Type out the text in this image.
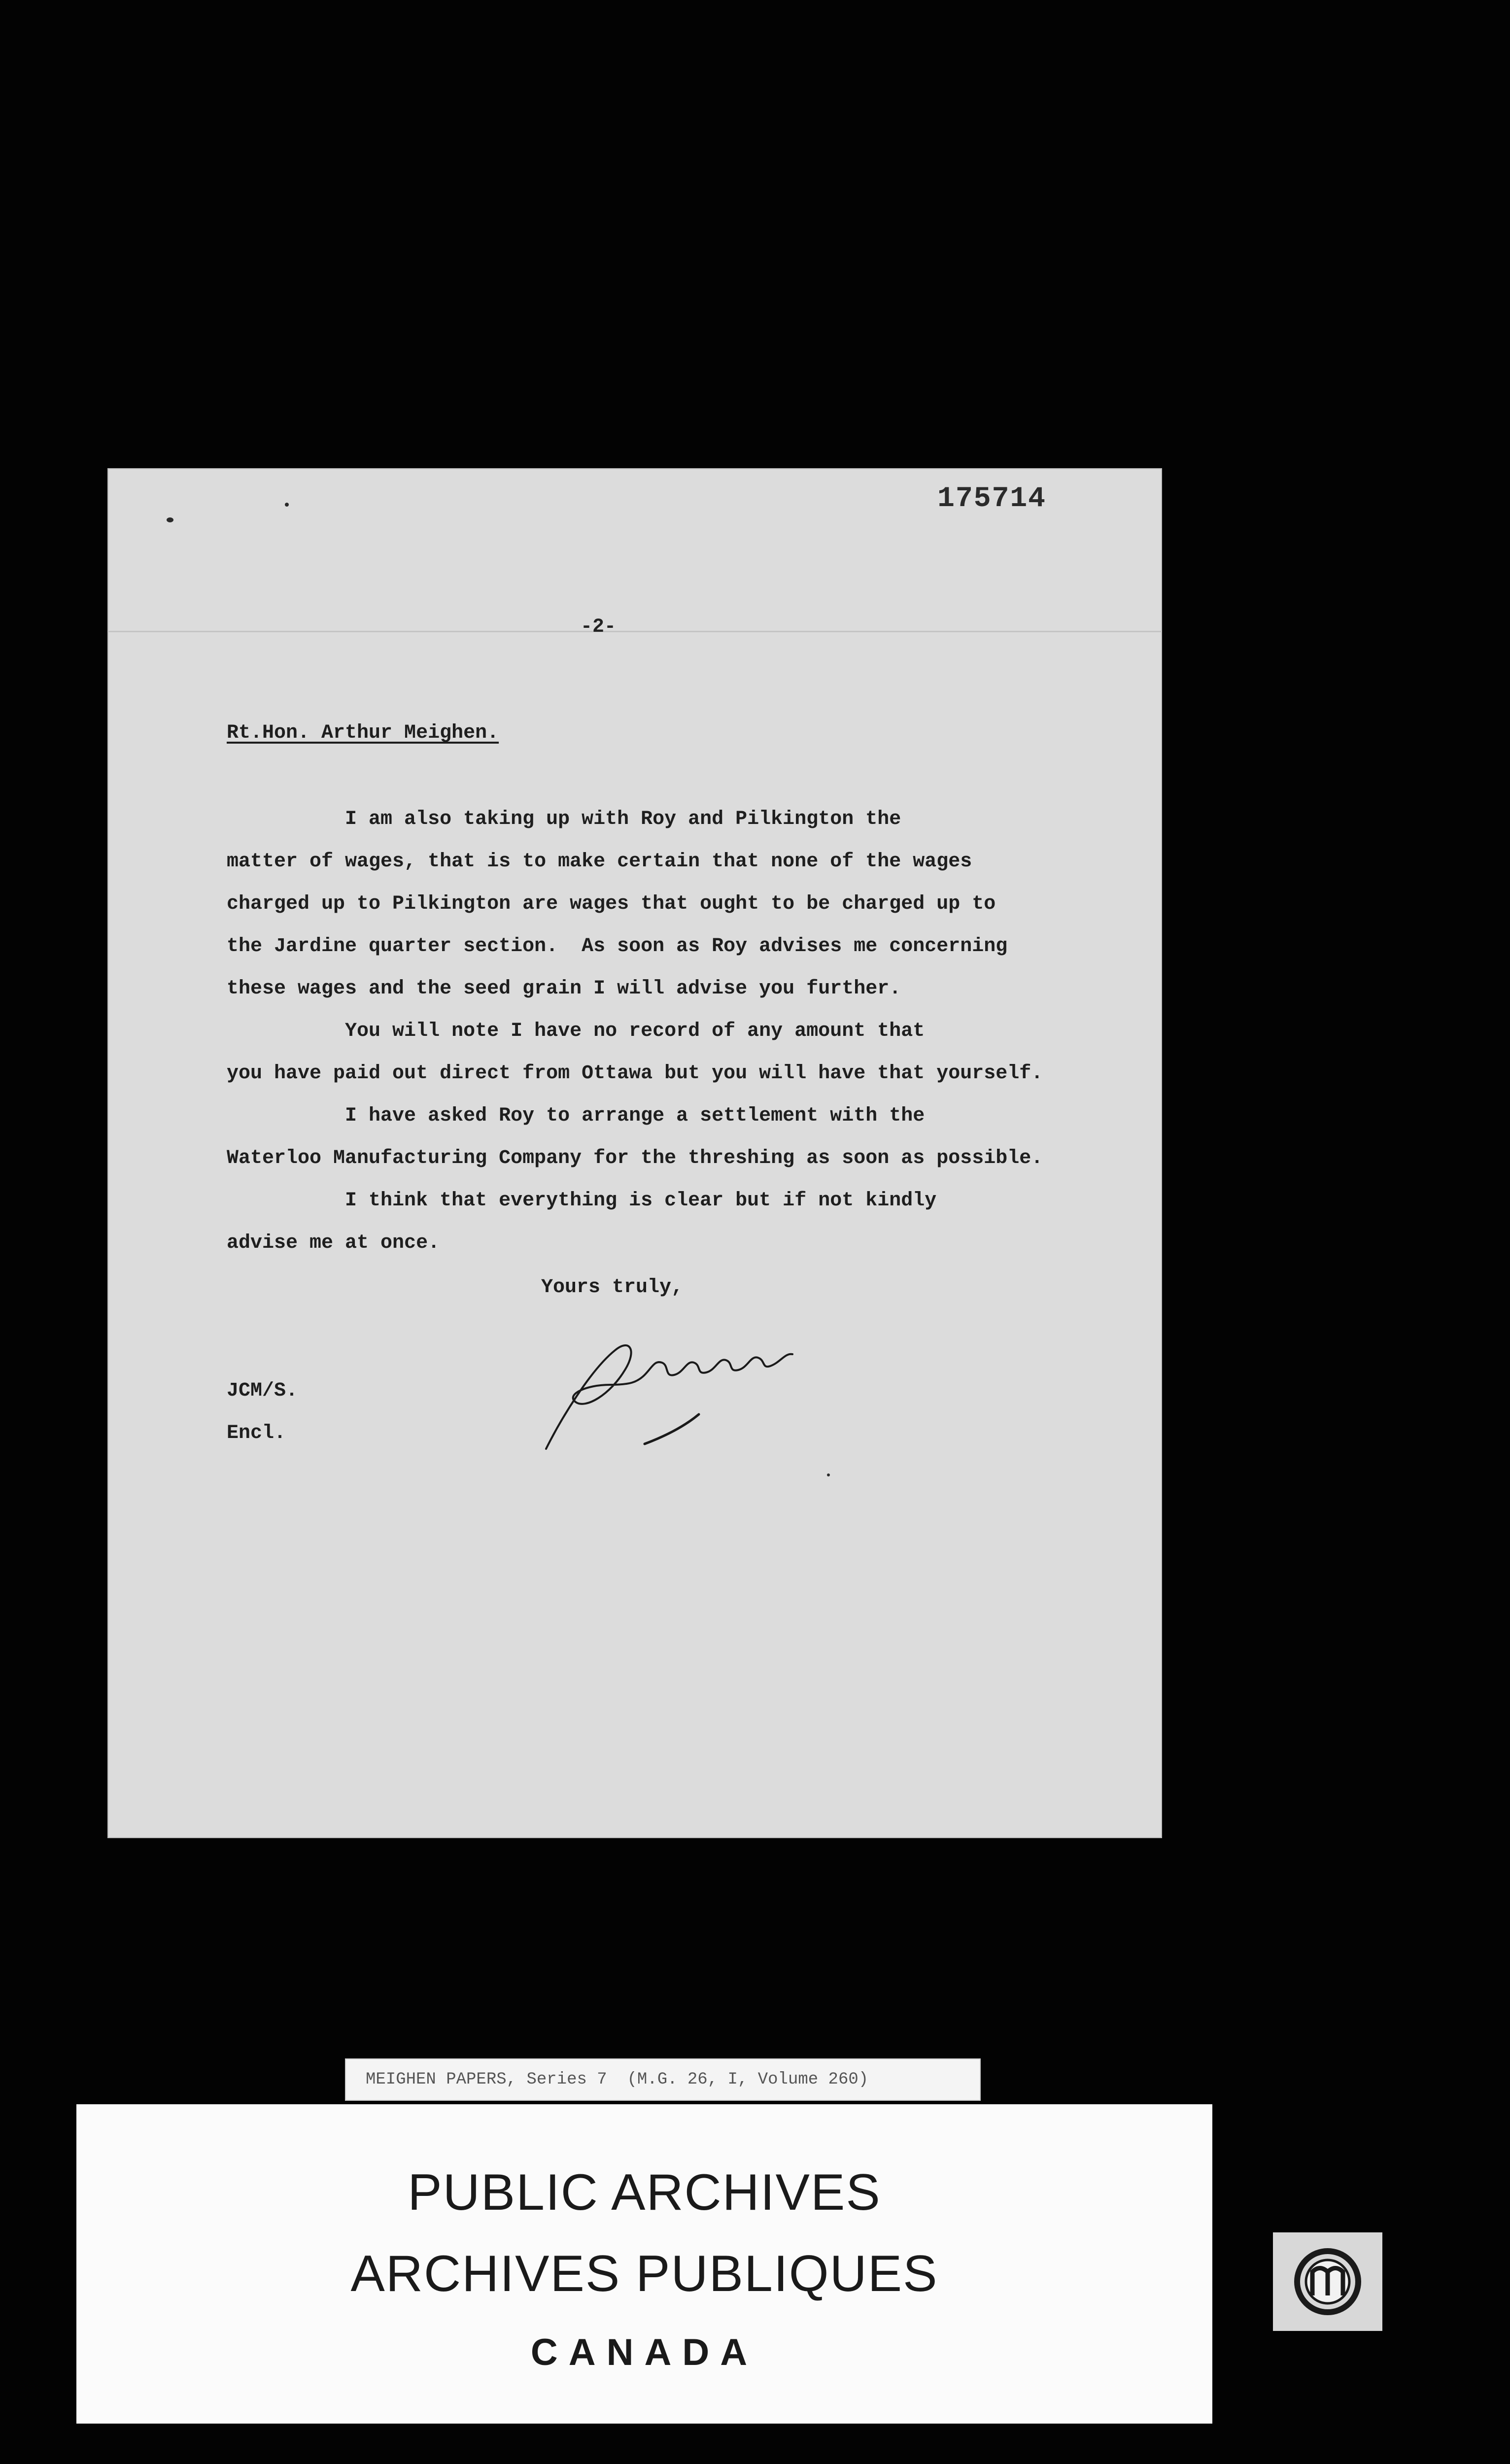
175714
-2-
Rt.Hon. Arthur Meighen.
I am also taking up with Roy and Pilkington the
matter of wages, that is to make certain that none of the wages
charged up to Pilkington are wages that ought to be charged up to
the Jardine quarter section.  As soon as Roy advises me concerning
these wages and the seed grain I will advise you further.
You will note I have no record of any amount that
you have paid out direct from Ottawa but you will have that yourself.
I have asked Roy to arrange a settlement with the
Waterloo Manufacturing Company for the threshing as soon as possible.
I think that everything is clear but if not kindly
advise me at once.
Yours truly,
JCM/S.
Encl.
MEIGHEN PAPERS, Series 7  (M.G. 26, I, Volume 260)
PUBLIC ARCHIVES
ARCHIVES PUBLIQUES
CANADA
